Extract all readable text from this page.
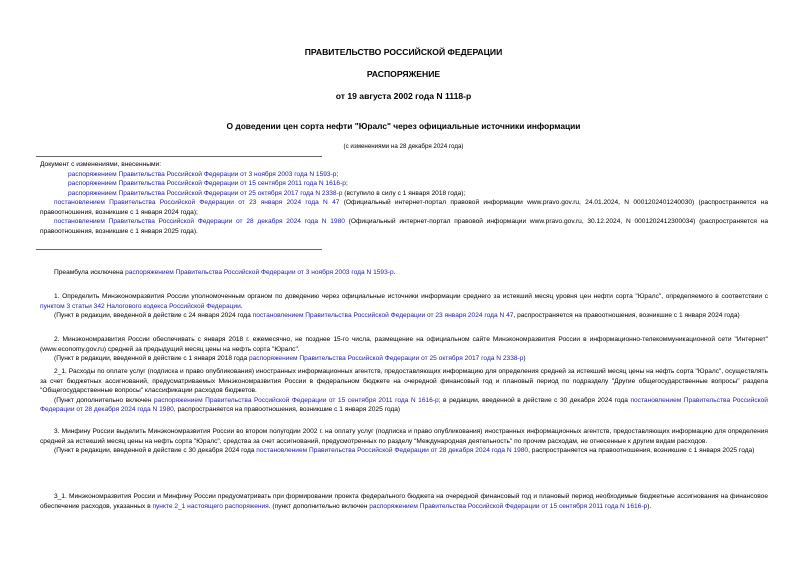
ПРАВИТЕЛЬСТВО РОССИЙСКОЙ ФЕДЕРАЦИИ
РАСПОРЯЖЕНИЕ
от 19 августа 2002 года N 1118-р
О доведении цен сорта нефти "Юралс" через официальные источники информации
(с изменениями на 28 декабря 2024 года)
Документ с изменениями, внесенными:
распоряжением Правительства Российской Федерации от 3 ноября 2003 года N 1593-р;
распоряжением Правительства Российской Федерации от 15 сентября 2011 года N 1616-р;
распоряжением Правительства Российской Федерации от 25 октября 2017 года N 2338-р (вступило в силу с 1 января 2018 года);
постановлением Правительства Российской Федерации от 23 января 2024 года N 47 (Официальный интернет-портал правовой информации www.pravo.gov.ru, 24.01.2024, N 0001202401240030) (распространяется на правоотношения, возникшие с 1 января 2024 года);
постановлением Правительства Российской Федерации от 28 декабря 2024 года N 1980 (Официальный интернет-портал правовой информации www.pravo.gov.ru, 30.12.2024, N 0001202412300034) (распространяется на правоотношения, возникшие с 1 января 2025 года).

Преамбула исключена распоряжением Правительства Российской Федерации от 3 ноября 2003 года N 1593-р.

1. Определить Минэкономразвития России уполномоченным органом по доведению через официальные источники информации среднего за истекший месяц уровня цен нефти сорта "Юралс", определяемого в соответствии с пунктом 3 статьи 342 Налогового кодекса Российской Федерации.

(Пункт в редакции, введенной в действие с 24 января 2024 года постановлением Правительства Российской Федерации от 23 января 2024 года N 47, распространяется на правоотношения, возникшие с 1 января 2024 года)

2. Минэкономразвития России обеспечивать с января 2018 г. ежемесячно, не позднее 15-го числа, размещение на официальном сайте Минэкономразвития России в информационно-телекоммуникационной сети "Интернет" (www.economy.gov.ru) средней за предыдущий месяц цены на нефть сорта "Юралс".

(Пункт в редакции, введенной в действие с 1 января 2018 года распоряжением Правительства Российской Федерации от 25 октября 2017 года N 2338-р)

2_1. Расходы по оплате услуг (подписка и право опубликования) иностранных информационных агентств, предоставляющих информацию для определения средней за истекший месяц цены на нефть сорта "Юралс", осуществлять за счет бюджетных ассигнований, предусматриваемых Минэкономразвития России в федеральном бюджете на очередной финансовый год и плановый период по подразделу "Другие общегосударственные вопросы" раздела "Общегосударственные вопросы" классификации расходов бюджетов.

(Пункт дополнительно включен распоряжением Правительства Российской Федерации от 15 сентября 2011 года N 1616-р; в редакции, введенной в действие с 30 декабря 2024 года постановлением Правительства Российской Федерации от 28 декабря 2024 года N 1980, распространяется на правоотношения, возникшие с 1 января 2025 года)

3. Минфину России выделить Минэкономразвития России во втором полугодии 2002 г. на оплату услуг (подписка и право опубликования) иностранных информационных агентств, предоставляющих информацию для определения средней за истекший месяц цены на нефть сорта "Юралс", средства за счет ассигнований, предусмотренных по разделу "Международная деятельность" по прочим расходам, не отнесенные к другим видам расходов.

(Пункт в редакции, введенной в действие с 30 декабря 2024 года постановлением Правительства Российской Федерации от 28 декабря 2024 года N 1980, распространяется на правоотношения, возникшие с 1 января 2025 года)

3_1. Минэкономразвития России и Минфину России предусматривать при формировании проекта федерального бюджета на очередной финансовый год и плановый период необходимые бюджетные ассигнования на финансовое обеспечение расходов, указанных в пункте 2_1 настоящего распоряжения. (пункт дополнительно включен распоряжением Правительства Российской Федерации от 15 сентября 2011 года N 1616-р).
